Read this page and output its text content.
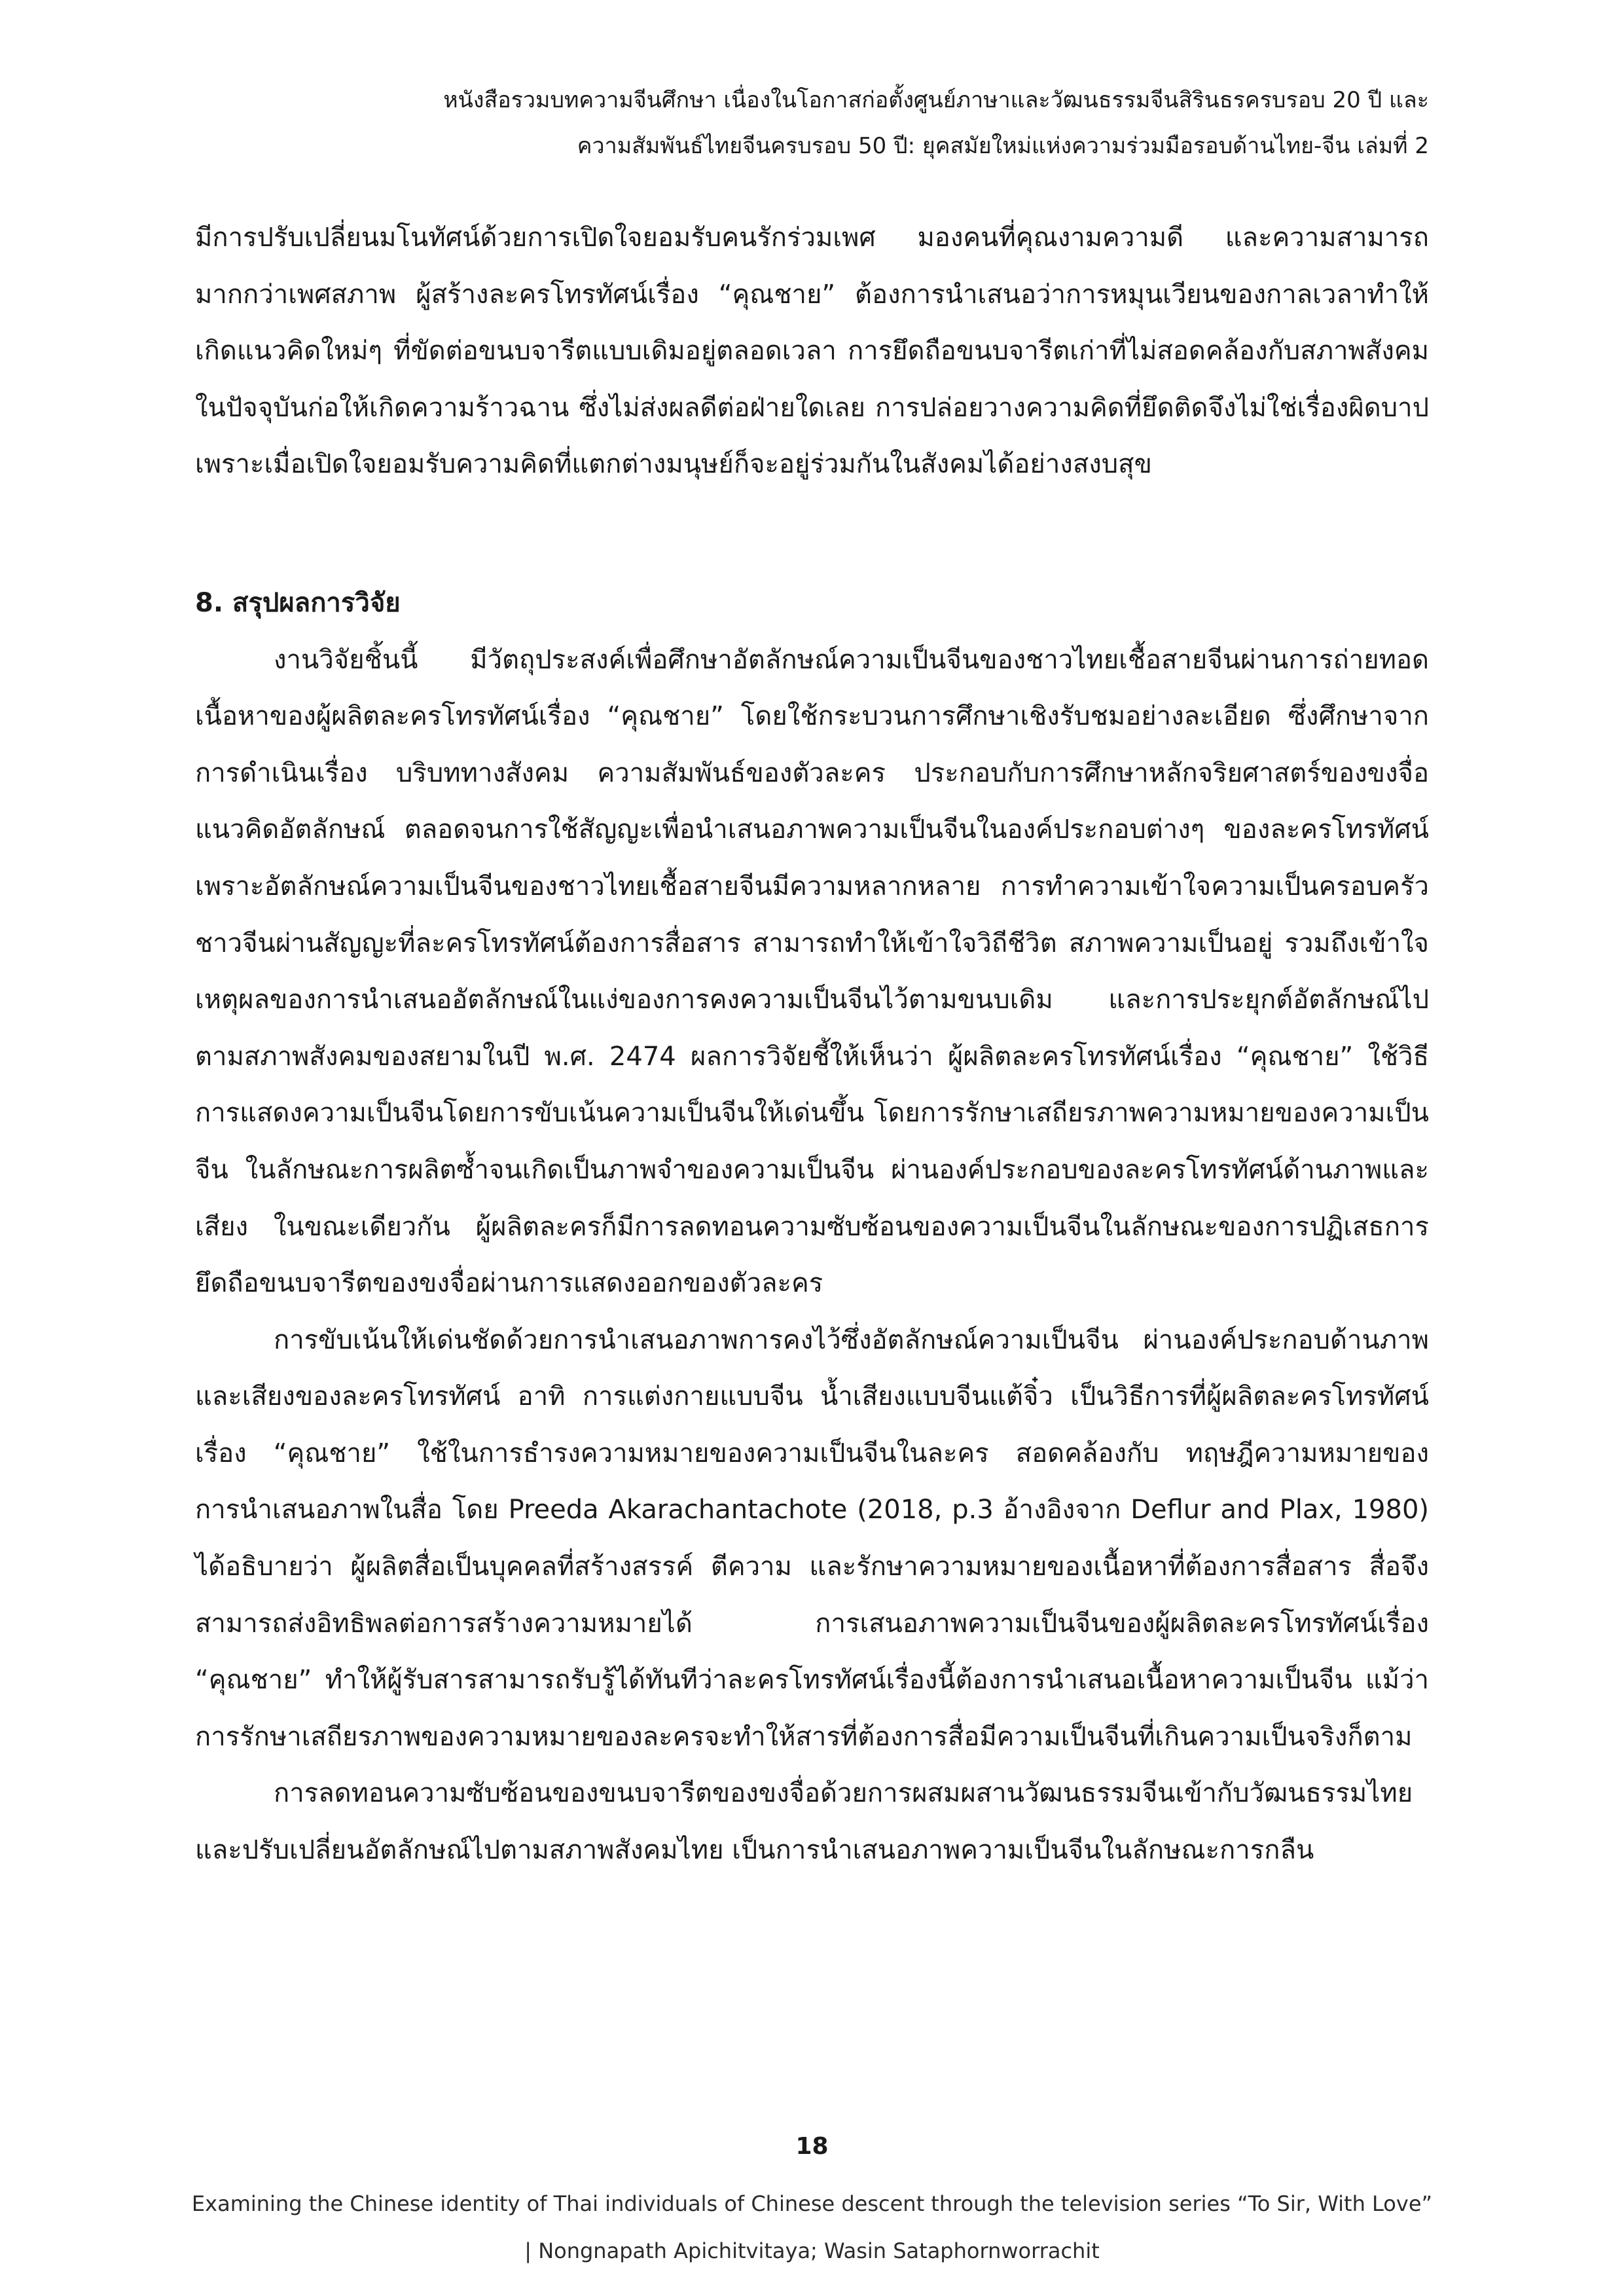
หนังสือรวมบทความจีนศึกษา เนื่องในโอกาสก่อตั้งศูนย์ภาษาและวัฒนธรรมจีนสิรินธรครบรอบ 20 ปี และ
ความสัมพันธ์ไทยจีนครบรอบ 50 ปี: ยุคสมัยใหม่แห่งความร่วมมือรอบด้านไทย-จีน เล่มที่ 2

มีการปรับเปลี่ยนมโนทัศน์ด้วยการเปิดใจยอมรับคนรักร่วมเพศ มองคนที่คุณงามความดี และความสามารถมากกว่าเพศสภาพ ผู้สร้างละครโทรทัศน์เรื่อง “คุณชาย” ต้องการนำเสนอว่าการหมุนเวียนของกาลเวลาทำให้เกิดแนวคิดใหม่ๆ ที่ขัดต่อขนบจารีตแบบเดิมอยู่ตลอดเวลา การยึดถือขนบจารีตเก่าที่ไม่สอดคล้องกับสภาพสังคมในปัจจุบันก่อให้เกิดความร้าวฉาน ซึ่งไม่ส่งผลดีต่อฝ่ายใดเลย การปล่อยวางความคิดที่ยึดติดจึงไม่ใช่เรื่องผิดบาป เพราะเมื่อเปิดใจยอมรับความคิดที่แตกต่างมนุษย์ก็จะอยู่ร่วมกันในสังคมได้อย่างสงบสุข

8. สรุปผลการวิจัย

งานวิจัยชิ้นนี้ มีวัตถุประสงค์เพื่อศึกษาอัตลักษณ์ความเป็นจีนของชาวไทยเชื้อสายจีนผ่านการถ่ายทอดเนื้อหาของผู้ผลิตละครโทรทัศน์เรื่อง “คุณชาย” โดยใช้กระบวนการศึกษาเชิงรับชมอย่างละเอียด ซึ่งศึกษาจากการดำเนินเรื่อง บริบททางสังคม ความสัมพันธ์ของตัวละคร ประกอบกับการศึกษาหลักจริยศาสตร์ของขงจื่อ แนวคิดอัตลักษณ์ ตลอดจนการใช้สัญญะเพื่อนำเสนอภาพความเป็นจีนในองค์ประกอบต่างๆ ของละครโทรทัศน์ เพราะอัตลักษณ์ความเป็นจีนของชาวไทยเชื้อสายจีนมีความหลากหลาย การทำความเข้าใจความเป็นครอบครัวชาวจีนผ่านสัญญะที่ละครโทรทัศน์ต้องการสื่อสาร สามารถทำให้เข้าใจวิถีชีวิต สภาพความเป็นอยู่ รวมถึงเข้าใจเหตุผลของการนำเสนออัตลักษณ์ในแง่ของการคงความเป็นจีนไว้ตามขนบเดิม และการประยุกต์อัตลักษณ์ไปตามสภาพสังคมของสยามในปี พ.ศ. 2474 ผลการวิจัยชี้ให้เห็นว่า ผู้ผลิตละครโทรทัศน์เรื่อง “คุณชาย” ใช้วิธีการแสดงความเป็นจีนโดยการขับเน้นความเป็นจีนให้เด่นขึ้น โดยการรักษาเสถียรภาพความหมายของความเป็นจีน ในลักษณะการผลิตซ้ำจนเกิดเป็นภาพจำของความเป็นจีน ผ่านองค์ประกอบของละครโทรทัศน์ด้านภาพและเสียง ในขณะเดียวกัน ผู้ผลิตละครก็มีการลดทอนความซับซ้อนของความเป็นจีนในลักษณะของการปฏิเสธการยึดถือขนบจารีตของขงจื่อผ่านการแสดงออกของตัวละคร

การขับเน้นให้เด่นชัดด้วยการนำเสนอภาพการคงไว้ซึ่งอัตลักษณ์ความเป็นจีน ผ่านองค์ประกอบด้านภาพและเสียงของละครโทรทัศน์ อาทิ การแต่งกายแบบจีน น้ำเสียงแบบจีนแต้จิ๋ว เป็นวิธีการที่ผู้ผลิตละครโทรทัศน์เรื่อง “คุณชาย” ใช้ในการธำรงความหมายของความเป็นจีนในละคร สอดคล้องกับ ทฤษฎีความหมายของการนำเสนอภาพในสื่อ โดย Preeda Akarachantachote (2018, p.3 อ้างอิงจาก Deflur and Plax, 1980) ได้อธิบายว่า ผู้ผลิตสื่อเป็นบุคคลที่สร้างสรรค์ ตีความ และรักษาความหมายของเนื้อหาที่ต้องการสื่อสาร สื่อจึงสามารถส่งอิทธิพลต่อการสร้างความหมายได้ การเสนอภาพความเป็นจีนของผู้ผลิตละครโทรทัศน์เรื่อง “คุณชาย” ทำให้ผู้รับสารสามารถรับรู้ได้ทันทีว่าละครโทรทัศน์เรื่องนี้ต้องการนำเสนอเนื้อหาความเป็นจีน แม้ว่าการรักษาเสถียรภาพของความหมายของละครจะทำให้สารที่ต้องการสื่อมีความเป็นจีนที่เกินความเป็นจริงก็ตาม

การลดทอนความซับซ้อนของขนบจารีตของขงจื่อด้วยการผสมผสานวัฒนธรรมจีนเข้ากับวัฒนธรรมไทย และปรับเปลี่ยนอัตลักษณ์ไปตามสภาพสังคมไทย เป็นการนำเสนอภาพความเป็นจีนในลักษณะการกลืน

18
Examining the Chinese identity of Thai individuals of Chinese descent through the television series “To Sir, With Love”
| Nongnapath Apichitvitaya; Wasin Sataphornworrachit
